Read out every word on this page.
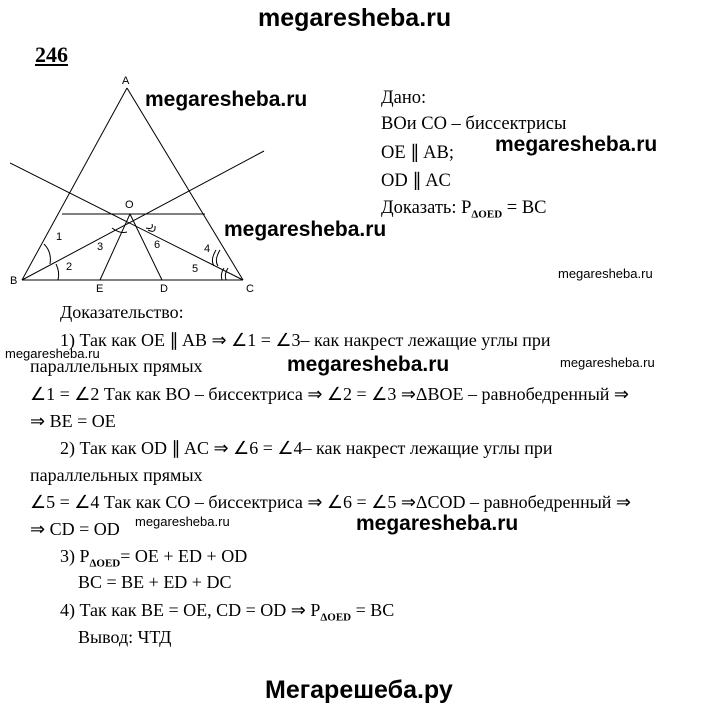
megaresheba.ru
246
A
B
C
O
E	D
1
2
3	4
5
6
megaresheba.ru
megaresheba.ru
megaresheba.ru
megaresheba.ru
megaresheba.ru	megaresheba.ru	megaresheba.ru
megaresheba.ru	megaresheba.ru
Дано:
BOи CO – биссектрисы
OE ∥ AB;
OD ∥ AC
Доказать: $P_{\Delta OED}$ = BC
Доказательство:
1) Так как OE ∥ AB ⇒ ∠1 = ∠3– как накрест лежащие углы при
параллельных прямых
∠1 = ∠2 Так как BO – биссектриса ⇒ ∠2 = ∠3 ⇒ΔBOE – равнобедренный ⇒
⇒ BE = OE
2) Так как OD ∥ AC ⇒ ∠6 = ∠4– как накрест лежащие углы при
параллельных прямых
∠5 = ∠4 Так как CO – биссектриса ⇒ ∠6 = ∠5 ⇒ΔCOD – равнобедренный ⇒
⇒ CD = OD
3) $P_{\Delta OED}=$ OE + ED + OD
BC = BE + ED + DC
4) Так как BE = OE, CD = OD ⇒ $P_{\Delta OED}$ = BC
Вывод: ЧТД
Мегарешеба.ру
